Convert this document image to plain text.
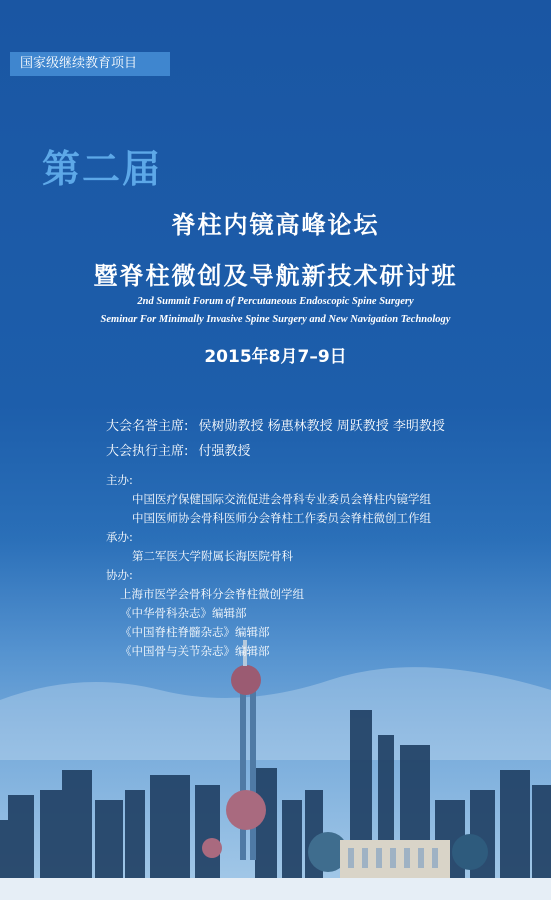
国家级继续教育项目
第二届
脊柱内镜高峰论坛
暨脊柱微创及导航新技术研讨班
2nd Summit Forum of Percutaneous Endoscopic Spine Surgery
Seminar For Minimally Invasive Spine Surgery and New Navigation Technology
2015年8月7–9日
大会名誉主席: 侯树勋教授 杨惠林教授 周跃教授 李明教授
大会执行主席: 付强教授
主办:
中国医疗保健国际交流促进会骨科专业委员会脊柱内镜学组
中国医师协会骨科医师分会脊柱工作委员会脊柱微创工作组
承办:
第二军医大学附属长海医院骨科
协办:
上海市医学会骨科分会脊柱微创学组
《中华骨科杂志》编辑部
《中国脊柱脊髓杂志》编辑部
《中国骨与关节杂志》编辑部
